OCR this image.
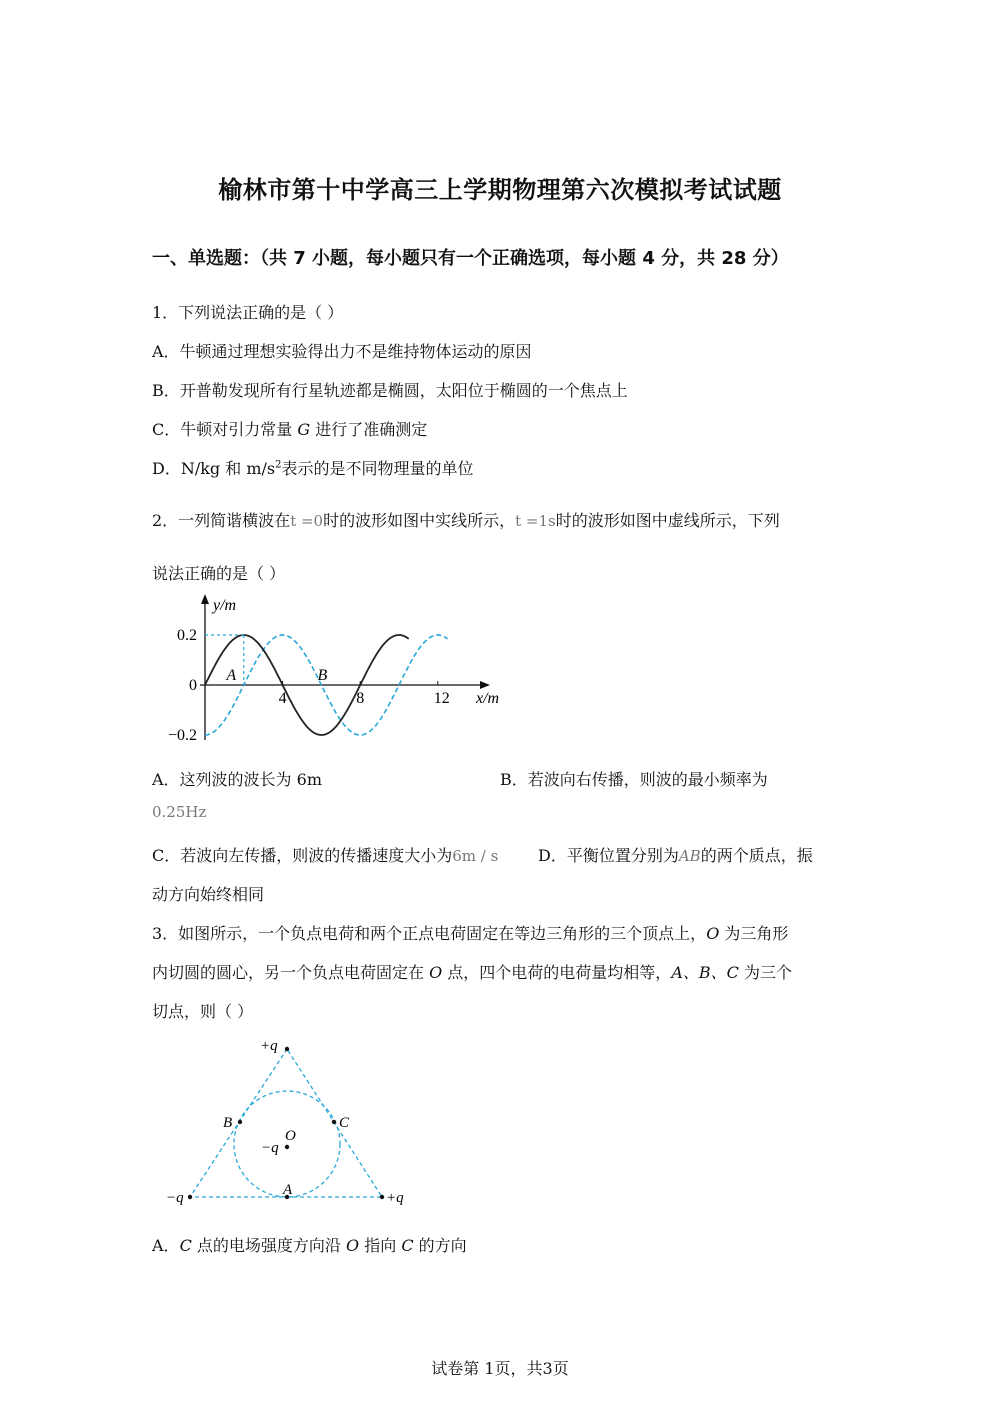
榆林市第十中学高三上学期物理第六次模拟考试试题
一、单选题：（共 7 小题，每小题只有一个正确选项，每小题 4 分，共 28 分）
1．下列说法正确的是（ ）
A．牛顿通过理想实验得出力不是维持物体运动的原因
B．开普勒发现所有行星轨迹都是椭圆，太阳位于椭圆的一个焦点上
C．牛顿对引力常量 G 进行了准确测定
D．N/kg 和 $m/s^2$表示的是不同物理量的单位
2．一列简谐横波在t =0时的波形如图中实线所示，t =1s时的波形如图中虚线所示，下列
说法正确的是（ ）
y/m
x/m
0.2
0
−0.2
4	8	12
A	B
A．这列波的波长为 6m	B．若波向右传播，则波的最小频率为
0.25Hz
C．若波向左传播，则波的传播速度大小为6m / s D．平衡位置分别为AB的两个质点，振
动方向始终相同
3．如图所示，一个负点电荷和两个正点电荷固定在等边三角形的三个顶点上，O 为三角形
内切圆的圆心，另一个负点电荷固定在 O 点，四个电荷的电荷量均相等，A、B、C 为三个
切点，则（ ）
+q
−q	+q
−q
O
A
B	C
A．C 点的电场强度方向沿 O 指向 C 的方向
试卷第 1页，共3页
